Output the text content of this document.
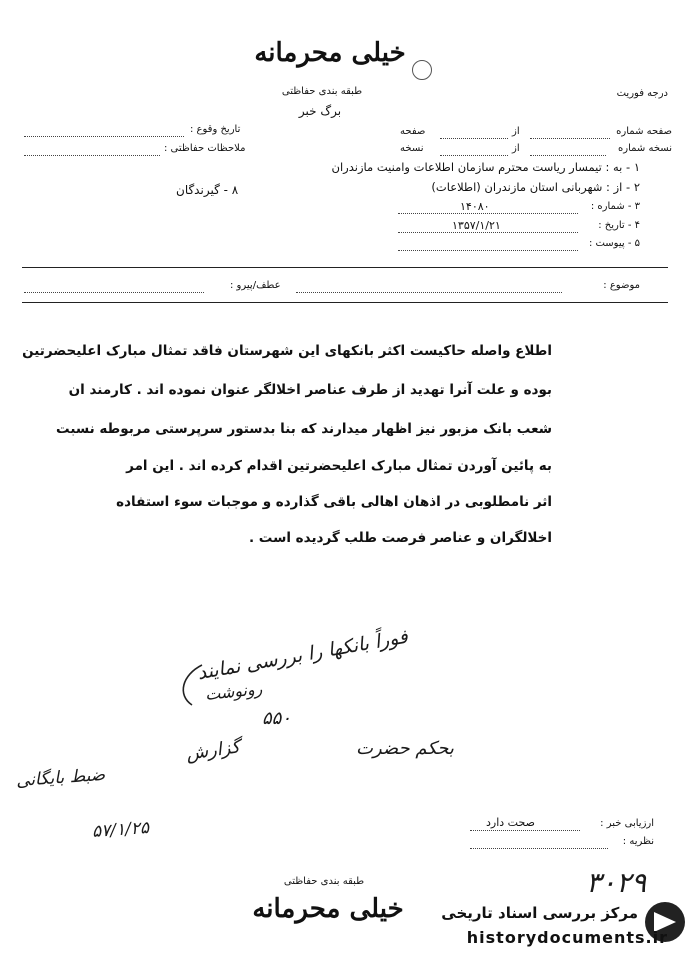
خیلی محرمانه
طبقه بندی حفاظتی
برگ خبر
درجه فوریت
تاریخ وقوع :
ملاحظات حفاظتی :
۸ - گیرندگان
صفحه شماره
از
صفحه
نسخه شماره
از
نسخه
۱ - به : تیمسار ریاست محترم سازمان اطلاعات وامنیت مازندران
۲ - از : شهربانی استان مازندران (اطلاعات)
۳ - شماره :
۱۴۰۸۰
۴ - تاریخ :
۱۳۵۷/۱/۲۱
۵ - پیوست :
موضوع :
عطف/پیرو :
اطلاع واصله حاکیست اکثر بانکهای این شهرستان فاقد تمثال مبارک اعلیحضرتین
بوده و علت آنرا تهدید از طرف عناصر اخلالگر عنوان نموده اند . کارمند ان
شعب بانک مزبور نیز اظهار میدارند که بنا بدستور سرپرستی مربوطه نسبت
به پائین آوردن تمثال مبارک اعلیحضرتین اقدام کرده اند . این امر
اثر نامطلوبی در اذهان اهالی باقی گذارده و موجبات سوء استفاده
اخلالگران و عناصر فرصت طلب گردیده است .
فوراً بانکها را بررسی نمایند
رونوشت
۵۵۰
گزارش	بحکم حضرت
ضبط بایگانی
۵۷/۱/۲۵	ارزیابی خبر :
صحت دارد
نظریه :
۳۰۲۹
طبقه بندی حفاظتی
خیلی محرمانه	مرکز بررسی اسناد تاریخی
historydocuments.ir
